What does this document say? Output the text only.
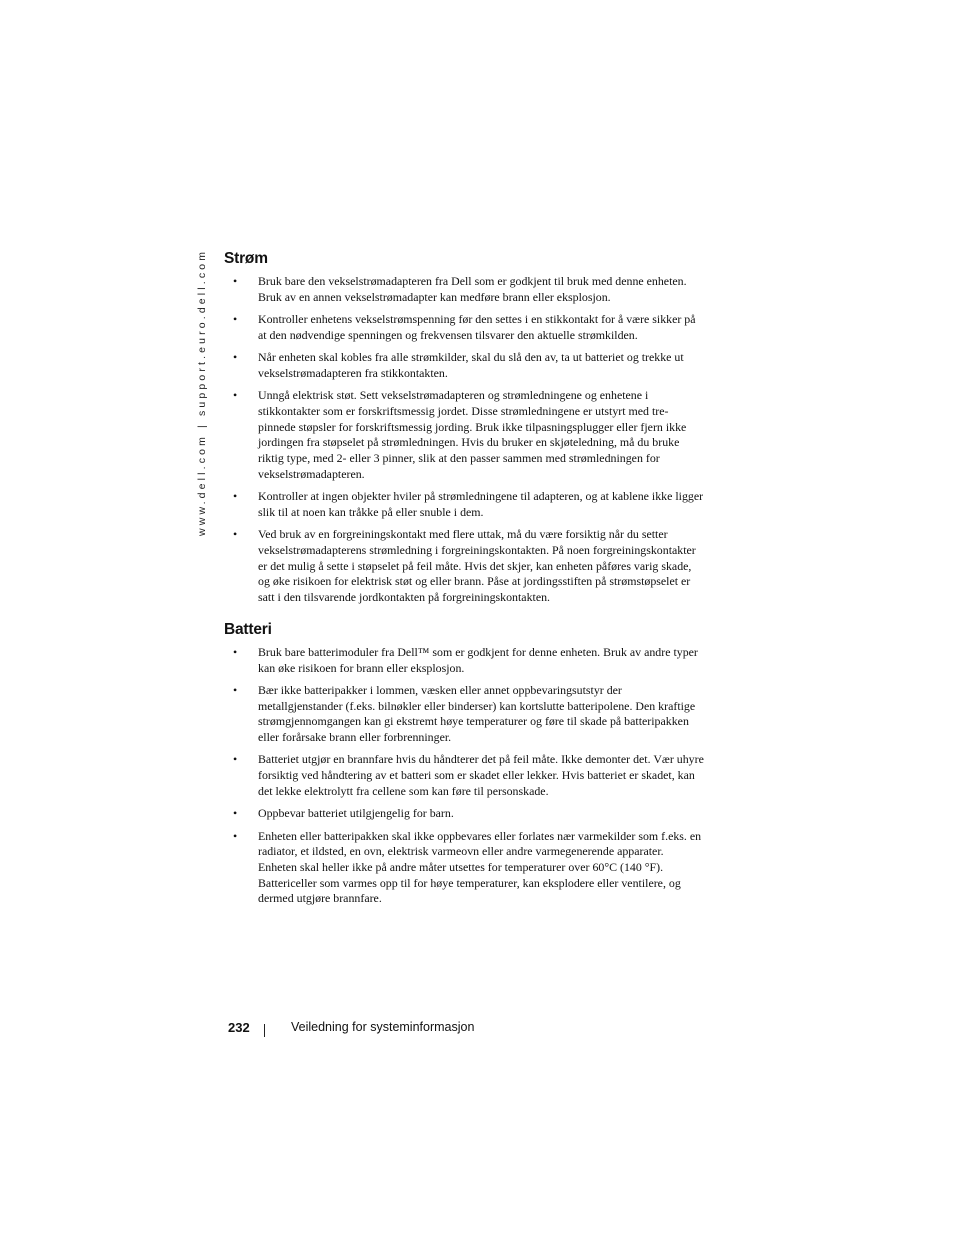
www.dell.com | support.euro.dell.com Strøm
• Bruk bare den vekselstrømadapteren fra Dell som er godkjent til bruk med denne enheten. Bruk av en annen vekselstrømadapter kan medføre brann eller eksplosjon.
• Kontroller enhetens vekselstrømspenning før den settes i en stikkontakt for å være sikker på at den nødvendige spenningen og frekvensen tilsvarer den aktuelle strømkilden.
• Når enheten skal kobles fra alle strømkilder, skal du slå den av, ta ut batteriet og trekke ut vekselstrømadapteren fra stikkontakten.
• Unngå elektrisk støt. Sett vekselstrømadapteren og strømledningene og enhetene i stikkontakter som er forskriftsmessig jordet. Disse strømledningene er utstyrt med tre-pinnede støpsler for forskriftsmessig jording. Bruk ikke tilpasningsplugger eller fjern ikke jordingen fra støpselet på strømledningen. Hvis du bruker en skjøteledning, må du bruke riktig type, med 2- eller 3 pinner, slik at den passer sammen med strømledningen for vekselstrømadapteren.
• Kontroller at ingen objekter hviler på strømledningene til adapteren, og at kablene ikke ligger slik til at noen kan tråkke på eller snuble i dem.
• Ved bruk av en forgreiningskontakt med flere uttak, må du være forsiktig når du setter vekselstrømadapterens strømledning i forgreiningskontakten. På noen forgreiningskontakter er det mulig å sette i støpselet på feil måte. Hvis det skjer, kan enheten påføres varig skade, og øke risikoen for elektrisk støt og eller brann. Påse at jordingsstiften på strømstøpselet er satt i den tilsvarende jordkontakten på forgreiningskontakten.
Batteri
• Bruk bare batterimoduler fra Dell™ som er godkjent for denne enheten. Bruk av andre typer kan øke risikoen for brann eller eksplosjon.
• Bær ikke batteripakker i lommen, væsken eller annet oppbevaringsutstyr der metallgjenstander (f.eks. bilnøkler eller binderser) kan kortslutte batteripolene. Den kraftige strømgjennomgangen kan gi ekstremt høye temperaturer og føre til skade på batteripakken eller forårsake brann eller forbrenninger.
• Batteriet utgjør en brannfare hvis du håndterer det på feil måte. Ikke demonter det. Vær uhyre forsiktig ved håndtering av et batteri som er skadet eller lekker. Hvis batteriet er skadet, kan det lekke elektrolytt fra cellene som kan føre til personskade.
• Oppbevar batteriet utilgjengelig for barn.
• Enheten eller batteripakken skal ikke oppbevares eller forlates nær varmekilder som f.eks. en radiator, et ildsted, en ovn, elektrisk varmeovn eller andre varmegenerende apparater. Enheten skal heller ikke på andre måter utsettes for temperaturer over 60°C (140 °F). Battericeller som varmes opp til for høye temperaturer, kan eksplodere eller ventilere, og dermed utgjøre brannfare.
232	Veiledning for systeminformasjon
